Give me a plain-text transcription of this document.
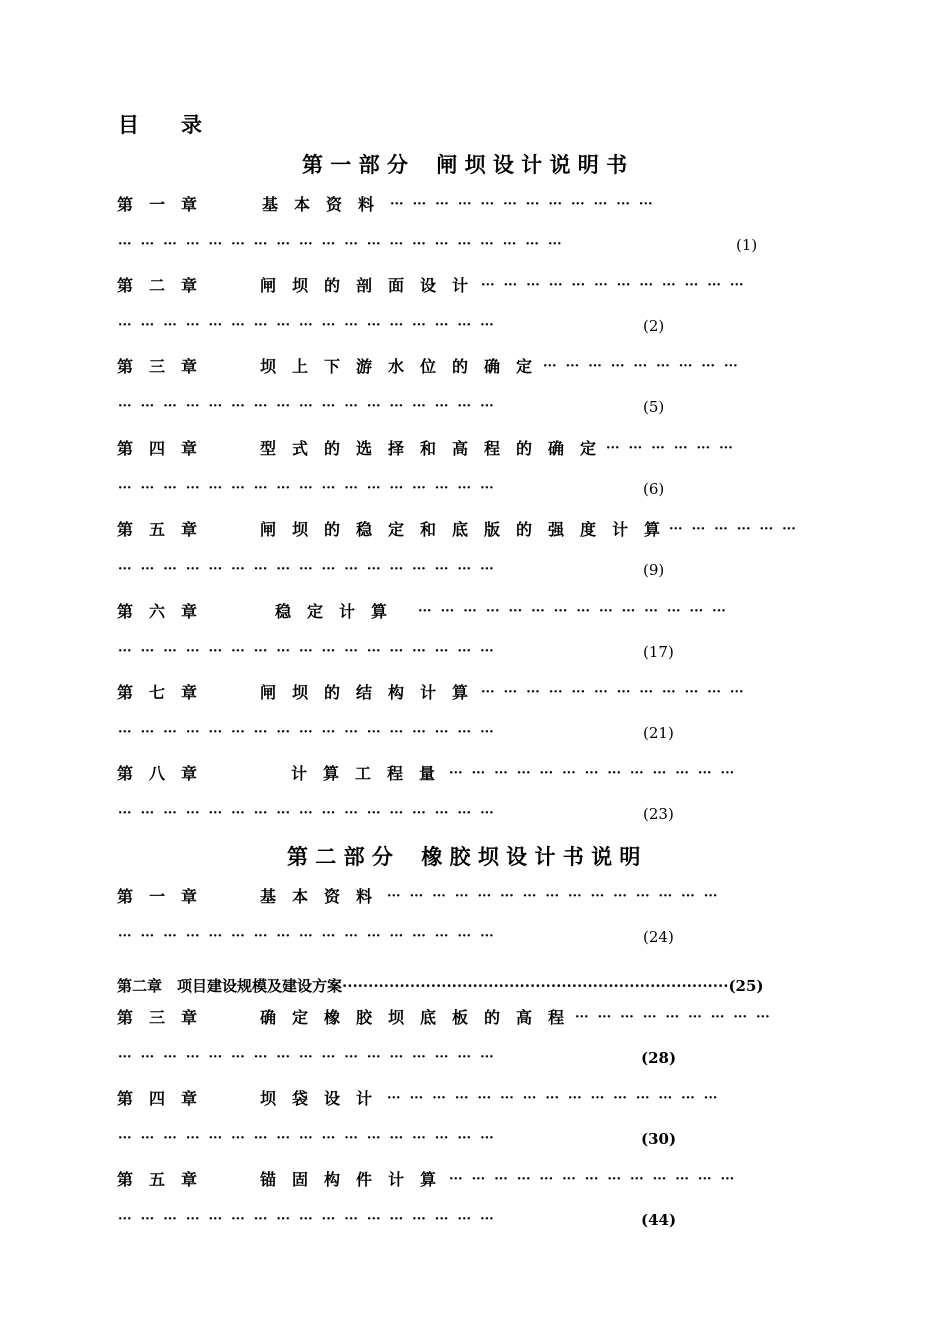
目　　录
第 一 部 分　 闸 坝 设 计 说 明 书
第　一　章	基　本　资　料 ···  ···  ···  ···  ···  ···  ···  ···  ···  ···  ···  ···
···  ···  ···  ···  ···  ···  ···  ···  ···  ···  ···  ···  ···  ···  ···  ···  ···  ···  ···  ···	(1)
第　二　章	闸　坝　的　剖　面　设　计 ···  ···  ···  ···  ···  ···  ···  ···  ···  ···  ···  ···
···  ···  ···  ···  ···  ···  ···  ···  ···  ···  ···  ···  ···  ···  ···  ···  ···	(2)
第　三　章	坝　上　下　游　水　位　的　确　定 ···  ···  ···  ···  ···  ···  ···  ···  ···
···  ···  ···  ···  ···  ···  ···  ···  ···  ···  ···  ···  ···  ···  ···  ···  ···	(5)
第　四　章	型　式　的　选　择　和　高　程　的　确　定 ···  ···  ···  ···  ···  ···
···  ···  ···  ···  ···  ···  ···  ···  ···  ···  ···  ···  ···  ···  ···  ···  ···	(6)
第　五　章	闸　坝　的　稳　定　和　底　版　的　强　度　计　算 ···  ···  ···  ···  ···  ···
···  ···  ···  ···  ···  ···  ···  ···  ···  ···  ···  ···  ···  ···  ···  ···  ···	(9)
第　六　章	稳　定　计　算 ···  ···  ···  ···  ···  ···  ···  ···  ···  ···  ···  ···  ···  ···
···  ···  ···  ···  ···  ···  ···  ···  ···  ···  ···  ···  ···  ···  ···  ···  ···	(17)
第　七　章	闸　坝　的　结　构　计　算 ···  ···  ···  ···  ···  ···  ···  ···  ···  ···  ···  ···
···  ···  ···  ···  ···  ···  ···  ···  ···  ···  ···  ···  ···  ···  ···  ···  ···	(21)
第　八　章	计　算　工　程　量 ···  ···  ···  ···  ···  ···  ···  ···  ···  ···  ···  ···  ···
···  ···  ···  ···  ···  ···  ···  ···  ···  ···  ···  ···  ···  ···  ···  ···  ···	(23)
第 二 部 分　 橡 胶 坝 设 计 书 说 明
第　一　章	基　本　资　料 ···  ···  ···  ···  ···  ···  ···  ···  ···  ···  ···  ···  ···  ···  ···
···  ···  ···  ···  ···  ···  ···  ···  ···  ···  ···  ···  ···  ···  ···  ···  ···	(24)
第二章　项目建设规模及建设方案··········································································(25)
第　三　章	确　定　橡　胶　坝　底　板　的　高　程 ···  ···  ···  ···  ···  ···  ···  ···  ···
···  ···  ···  ···  ···  ···  ···  ···  ···  ···  ···  ···  ···  ···  ···  ···  ···	(28)
第　四　章	坝　袋　设　计 ···  ···  ···  ···  ···  ···  ···  ···  ···  ···  ···  ···  ···  ···  ···
···  ···  ···  ···  ···  ···  ···  ···  ···  ···  ···  ···  ···  ···  ···  ···  ···	(30)
第　五　章	锚　固　构　件　计　算 ···  ···  ···  ···  ···  ···  ···  ···  ···  ···  ···  ···  ···
···  ···  ···  ···  ···  ···  ···  ···  ···  ···  ···  ···  ···  ···  ···  ···  ···	(44)
